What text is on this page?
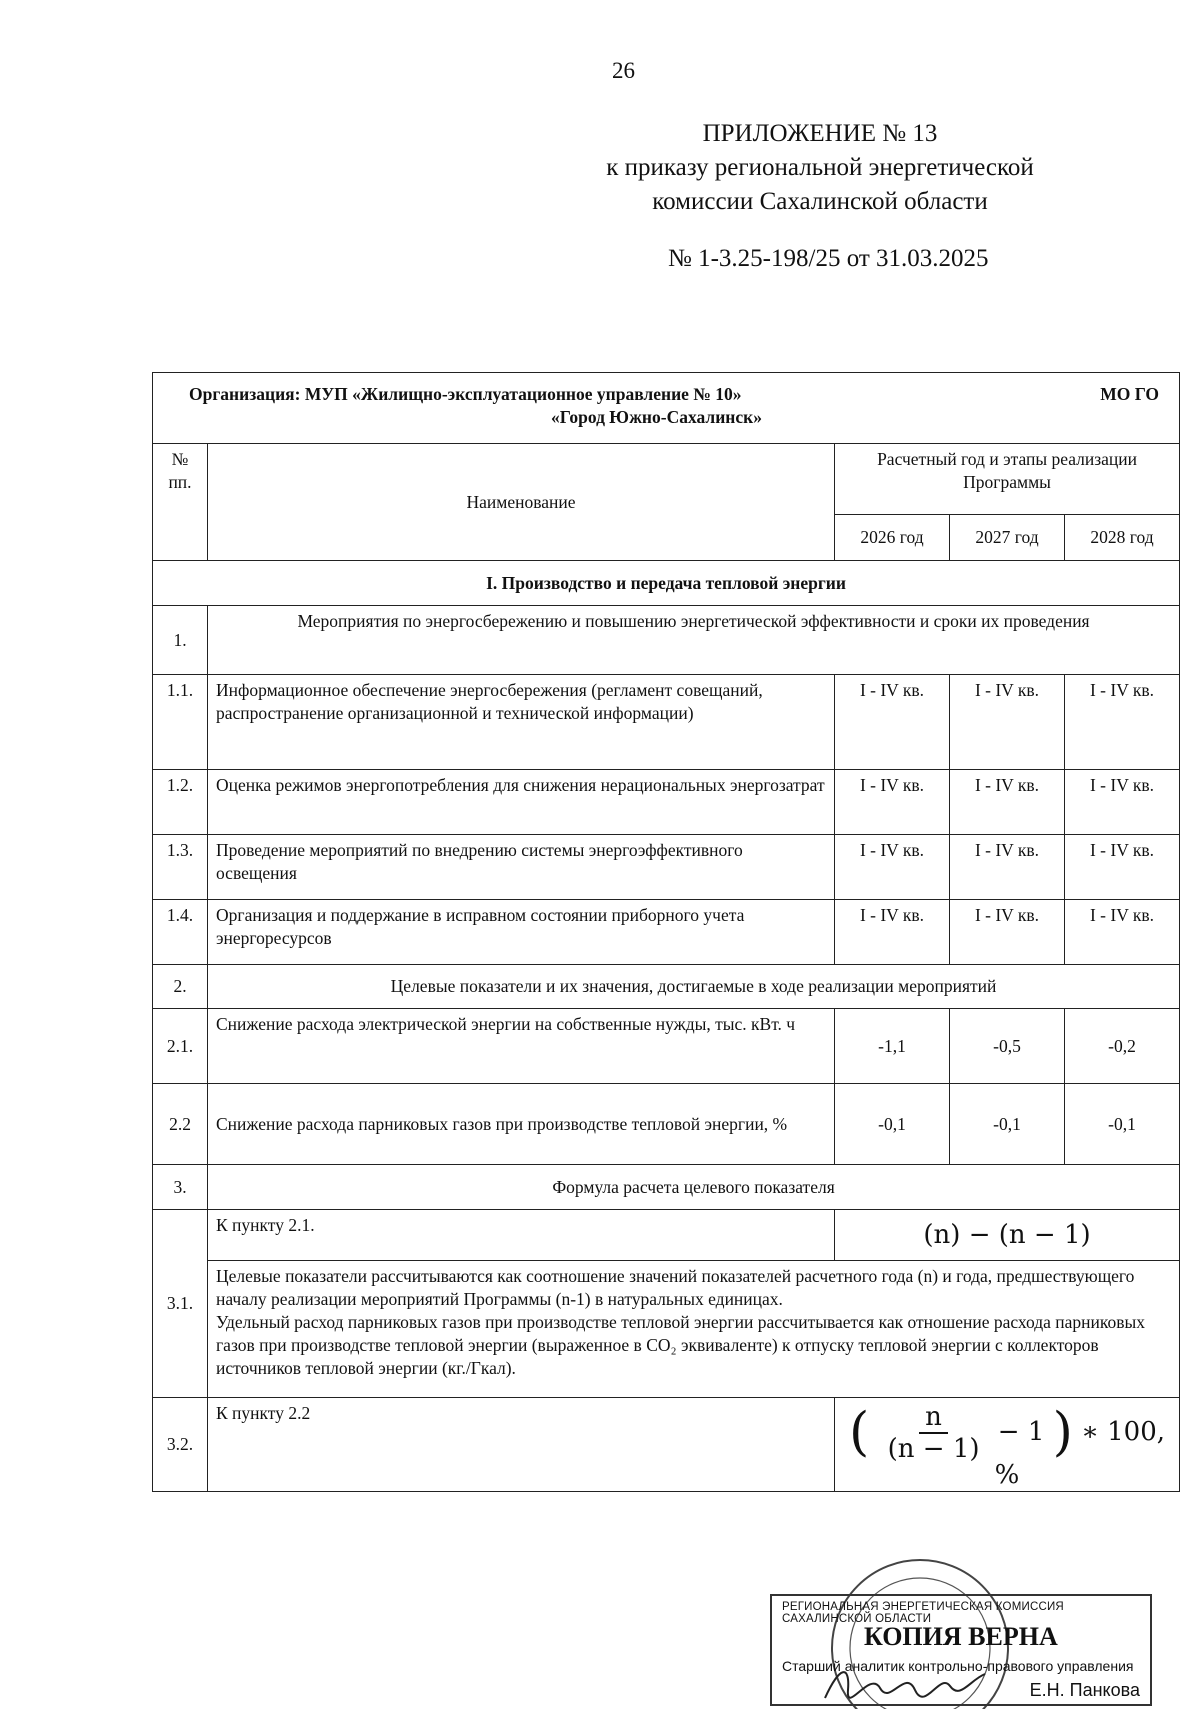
26
ПРИЛОЖЕНИЕ № 13
к приказу региональной энергетической
комиссии Сахалинской области
№ 1-3.25-198/25 от 31.03.2025
Организация: МУП «Жилищно-эксплуатационное управление № 10» МО ГО
«Город Южно-Сахалинск»				

№ пп.	Наименование	Расчетный год и этапы реализации Программы		
		2026 год	2027 год	2028 год
I. Производство и передача тепловой энергии				
1.	Мероприятия по энергосбережению и повышению энергетической эффективности и сроки их проведения			
1.1.	Информационное обеспечение энергосбережения (регламент совещаний, распространение организационной и технической информации)	I - IV кв.	I - IV кв.	I - IV кв.
1.2.	Оценка режимов энергопотребления для снижения нерациональных энергозатрат	I - IV кв.	I - IV кв.	I - IV кв.
1.3.	Проведение мероприятий по внедрению системы энергоэффективного освещения	I - IV кв.	I - IV кв.	I - IV кв.
1.4.	Организация и поддержание в исправном состоянии приборного учета энергоресурсов	I - IV кв.	I - IV кв.	I - IV кв.
2.	Целевые показатели и их значения, достигаемые в ходе реализации мероприятий			
2.1.	Снижение расхода электрической энергии на собственные нужды, тыс. кВт. ч	-1,1	-0,5	-0,2
2.2	Снижение расхода парниковых газов при производстве тепловой энергии, %	-0,1	-0,1	-0,1
3.	Формула расчета целевого показателя			
3.1.	К пункту 2.1.	(n) − (n − 1)		

	Целевые показатели рассчитываются как соотношение значений показателей расчетного года (n) и года, предшествующего началу реализации мероприятий Программы (n-1) в натуральных единицах.
Удельный расход парниковых газов при производстве тепловой энергии рассчитывается как отношение расхода парниковых газов при производстве тепловой энергии (выраженное в CO₂ эквиваленте) к отпуску тепловой энергии с коллекторов источников тепловой энергии (кг./Гкал).			

3.2.	К пункту 2.2	( $\frac{n}{(n - 1)} - 1$ ) ∗ 100, %		
РЕГИОНАЛЬНАЯ ЭНЕРГЕТИЧЕСКАЯ КОМИССИЯ САХАЛИНСКОЙ ОБЛАСТИ
КОПИЯ ВЕРНА
Старший аналитик контрольно-правового управления
Е.Н. Панкова
